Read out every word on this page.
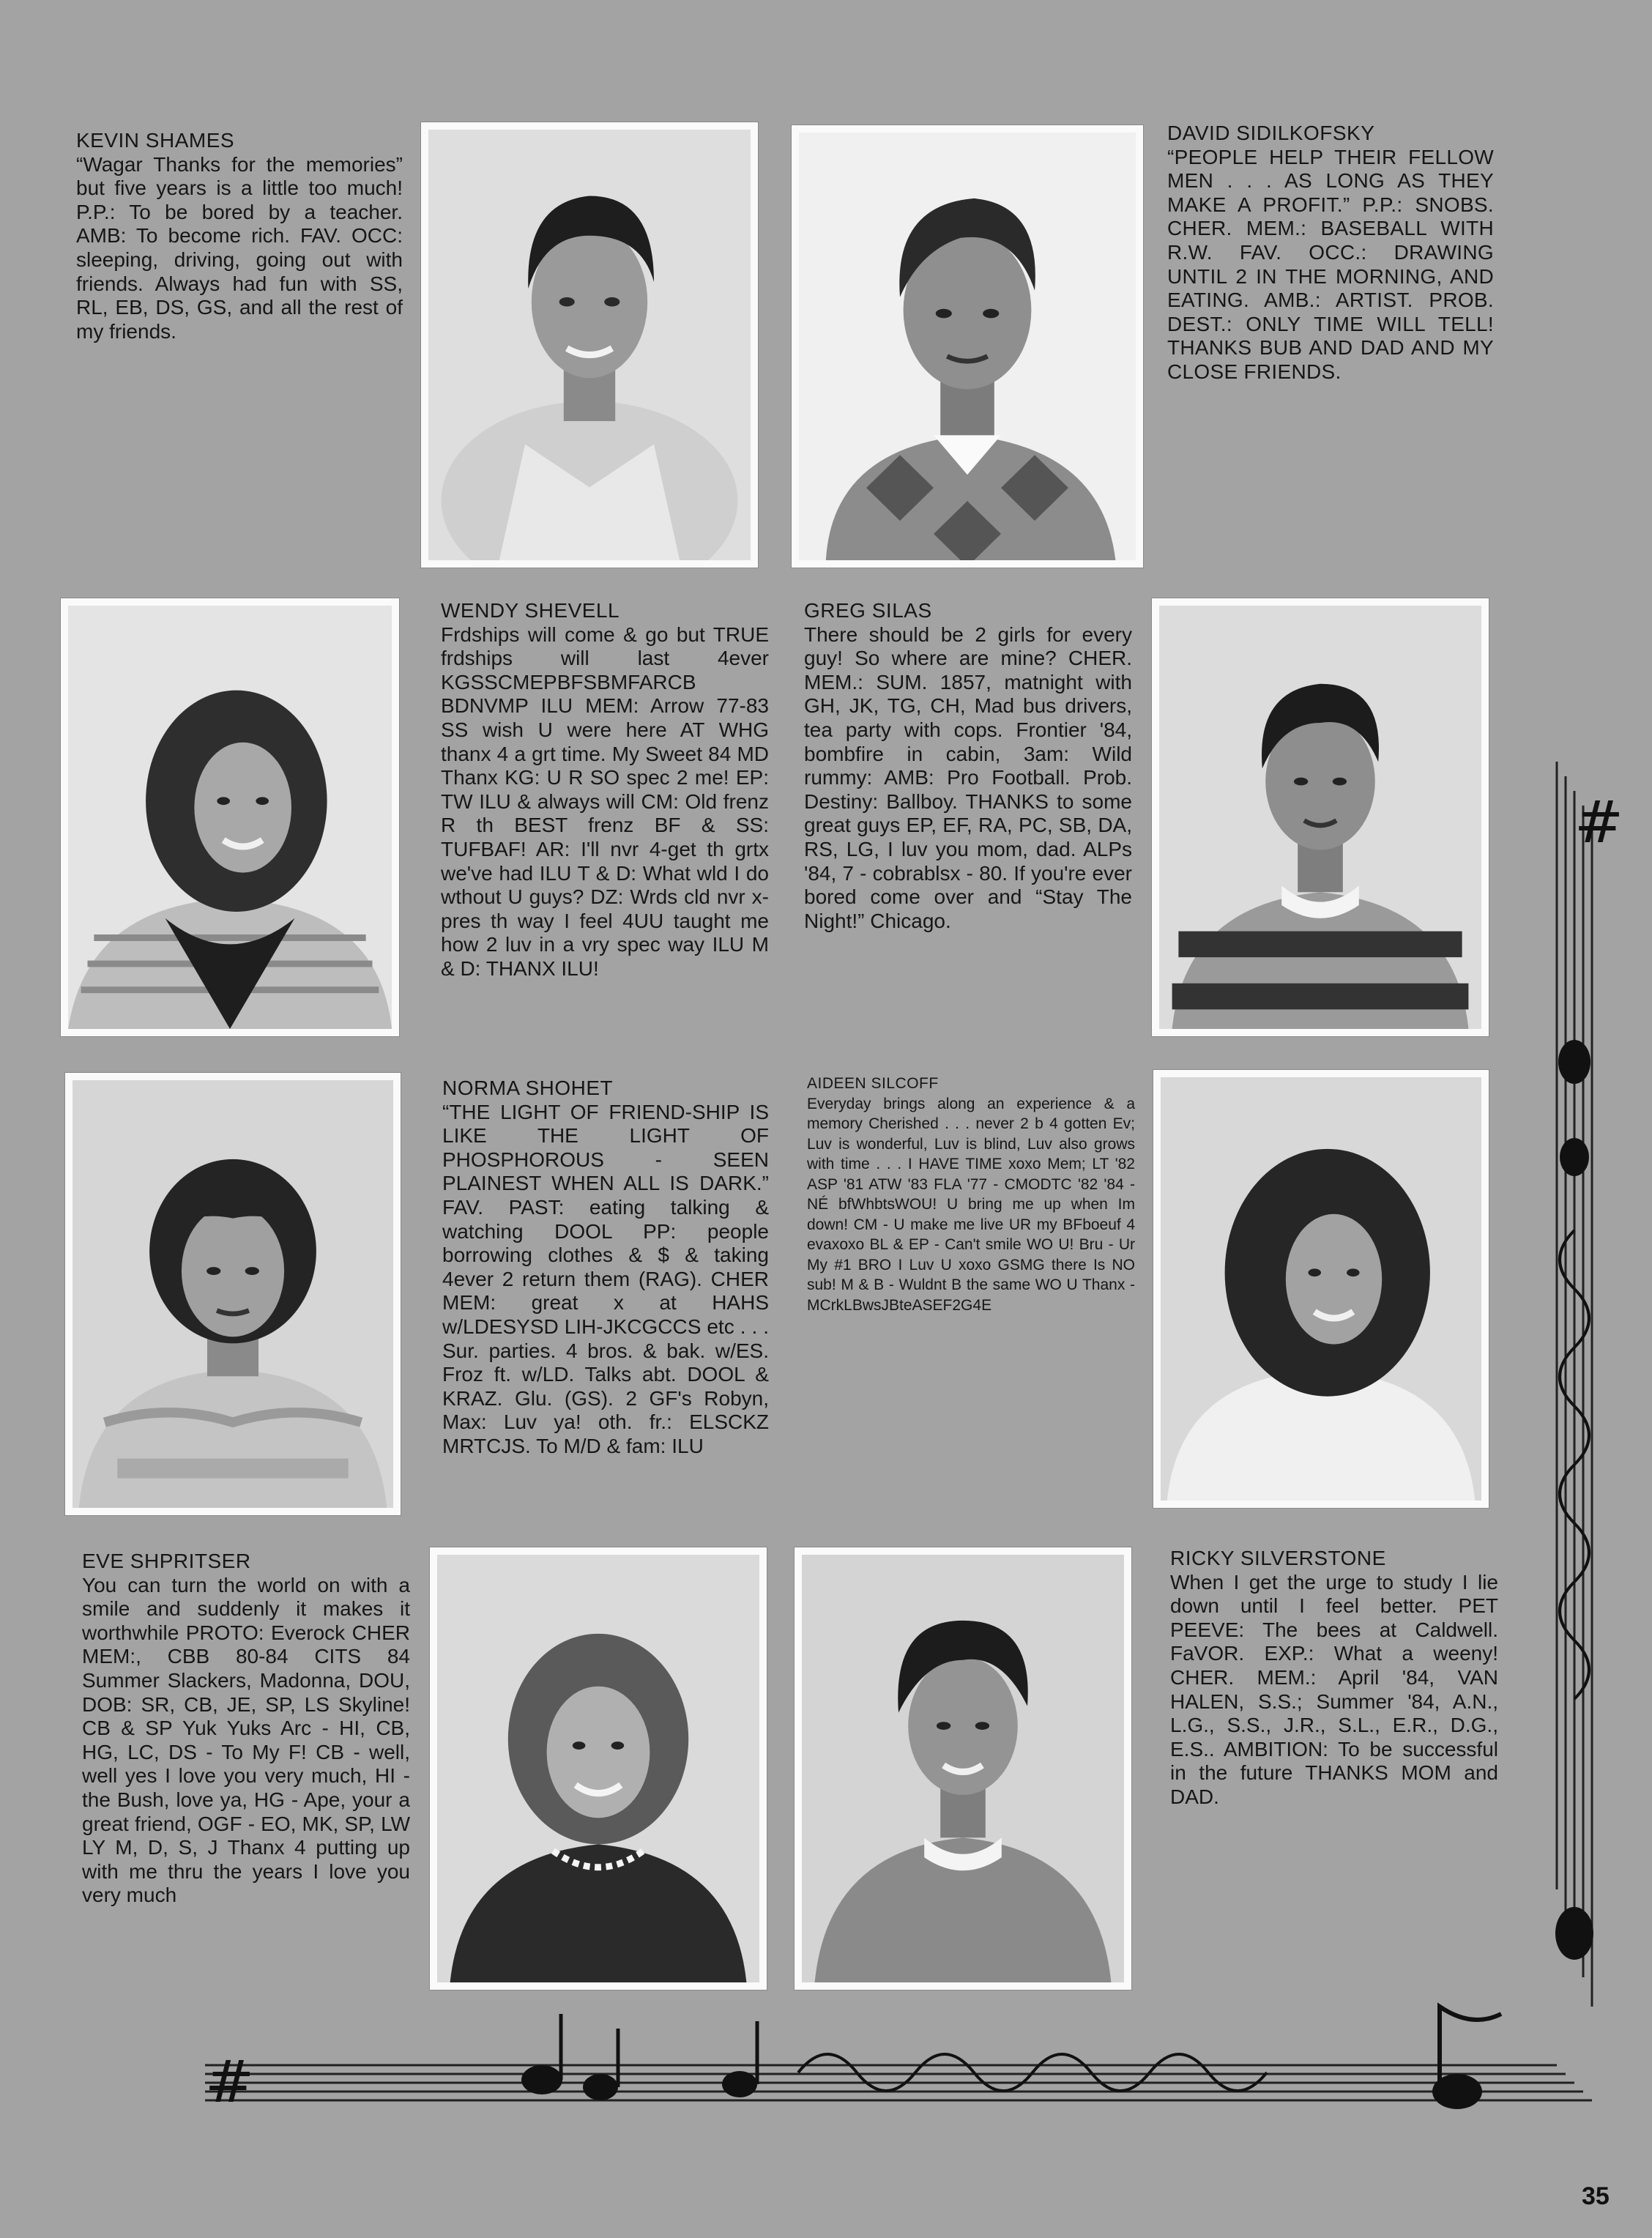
KEVIN SHAMES
“Wagar Thanks for the memories” but five years is a little too much! P.P.: To be bored by a teacher. AMB: To become rich. FAV. OCC: sleeping, driving, going out with friends. Always had fun with SS, RL, EB, DS, GS, and all the rest of my friends.
DAVID SIDILKOFSKY
“PEOPLE HELP THEIR FELLOW MEN . . . AS LONG AS THEY MAKE A PROFIT.” P.P.: SNOBS. CHER. MEM.: BASEBALL WITH R.W. FAV. OCC.: DRAWING UNTIL 2 IN THE MORNING, AND EATING. AMB.: ARTIST. PROB. DEST.: ONLY TIME WILL TELL! THANKS BUB AND DAD AND MY CLOSE FRIENDS.
WENDY SHEVELL
Frdships will come & go but TRUE frdships will last 4ever KGSSCMEPBFSBMFARCB BDNVMP ILU MEM: Arrow 77-83 SS wish U were here AT WHG thanx 4 a grt time. My Sweet 84 MD Thanx KG: U R SO spec 2 me! EP: TW ILU & always will CM: Old frenz R th BEST frenz BF & SS: TUFBAF! AR: I'll nvr 4-get th grtx we've had ILU T & D: What wld I do wthout U guys? DZ: Wrds cld nvr x-pres th way I feel 4UU taught me how 2 luv in a vry spec way ILU M & D: THANX ILU!
GREG SILAS
There should be 2 girls for every guy! So where are mine? CHER. MEM.: SUM. 1857, matnight with GH, JK, TG, CH, Mad bus drivers, tea party with cops. Frontier '84, bombfire in cabin, 3am: Wild rummy: AMB: Pro Football. Prob. Destiny: Ballboy. THANKS to some great guys EP, EF, RA, PC, SB, DA, RS, LG, I luv you mom, dad. ALPs '84, 7 - cobrablsx - 80. If you're ever bored come over and “Stay The Night!” Chicago.
NORMA SHOHET
“THE LIGHT OF FRIEND-SHIP IS LIKE THE LIGHT OF PHOSPHOROUS - SEEN PLAINEST WHEN ALL IS DARK.” FAV. PAST: eating talking & watching DOOL PP: people borrowing clothes & $ & taking 4ever 2 return them (RAG). CHER MEM: great x at HAHS w/LDESYSD LIH-JKCGCCS etc . . . Sur. parties. 4 bros. & bak. w/ES. Froz ft. w/LD. Talks abt. DOOL & KRAZ. Glu. (GS). 2 GF's Robyn, Max: Luv ya! oth. fr.: ELSCKZ MRTCJS. To M/D & fam: ILU
AIDEEN SILCOFF
Everyday brings along an experience & a memory Cherished . . . never 2 b 4 gotten Ev; Luv is wonderful, Luv is blind, Luv also grows with time . . . I HAVE TIME xoxo Mem; LT '82 ASP '81 ATW '83 FLA '77 - CMODTC '82 '84 - NÉ bfWhbtsWOU! U bring me up when Im down! CM - U make me live UR my BFboeuf 4 evaxoxo BL & EP - Can't smile WO U! Bru - Ur My #1 BRO I Luv U xoxo GSMG there Is NO sub! M & B - Wuldnt B the same WO U Thanx - MCrkLBwsJBteASEF2G4E
EVE SHPRITSER
You can turn the world on with a smile and suddenly it makes it worthwhile PROTO: Everock CHER MEM:, CBB 80-84 CITS 84 Summer Slackers, Madonna, DOU, DOB: SR, CB, JE, SP, LS Skyline! CB & SP Yuk Yuks Arc - HI, CB, HG, LC, DS - To My F! CB - well, well yes I love you very much, HI - the Bush, love ya, HG - Ape, your a great friend, OGF - EO, MK, SP, LW LY M, D, S, J Thanx 4 putting up with me thru the years I love you very much
RICKY SILVERSTONE
When I get the urge to study I lie down until I feel better. PET PEEVE: The bees at Caldwell. FaVOR. EXP.: What a weeny! CHER. MEM.: April '84, VAN HALEN, S.S.; Summer '84, A.N., L.G., S.S., J.R., S.L., E.R., D.G., E.S.. AMBITION: To be successful in the future THANKS MOM and DAD.
#
#
35
